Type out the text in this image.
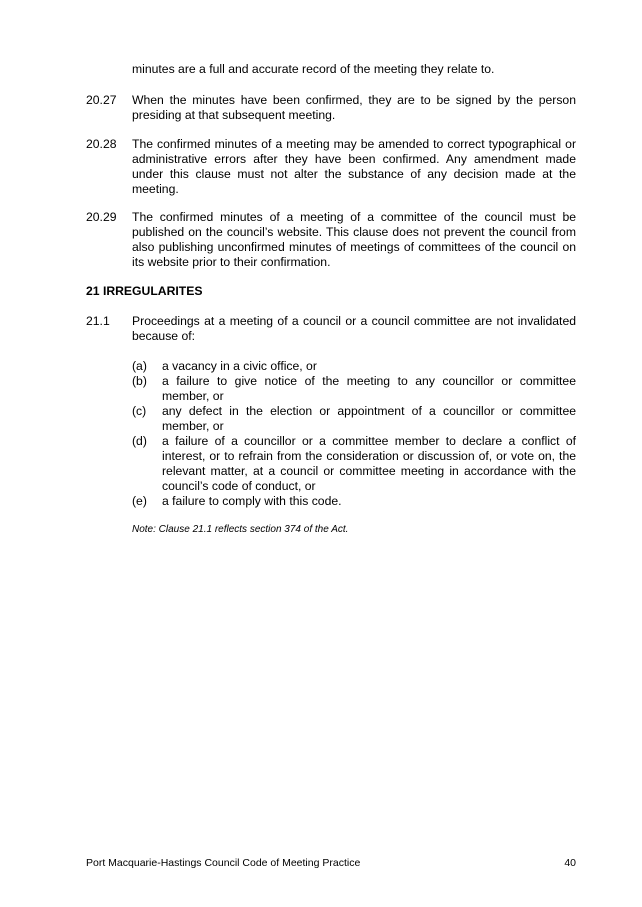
minutes are a full and accurate record of the meeting they relate to.
20.27 When the minutes have been confirmed, they are to be signed by the person presiding at that subsequent meeting.
20.28 The confirmed minutes of a meeting may be amended to correct typographical or administrative errors after they have been confirmed. Any amendment made under this clause must not alter the substance of any decision made at the meeting.
20.29 The confirmed minutes of a meeting of a committee of the council must be published on the council’s website. This clause does not prevent the council from also publishing unconfirmed minutes of meetings of committees of the council on its website prior to their confirmation.
21 IRREGULARITES
21.1 Proceedings at a meeting of a council or a council committee are not invalidated because of:
(a) a vacancy in a civic office, or
(b) a failure to give notice of the meeting to any councillor or committee member, or
(c) any defect in the election or appointment of a councillor or committee member, or
(d) a failure of a councillor or a committee member to declare a conflict of interest, or to refrain from the consideration or discussion of, or vote on, the relevant matter, at a council or committee meeting in accordance with the council’s code of conduct, or
(e) a failure to comply with this code.
Note: Clause 21.1 reflects section 374 of the Act.
Port Macquarie-Hastings Council Code of Meeting Practice	40
